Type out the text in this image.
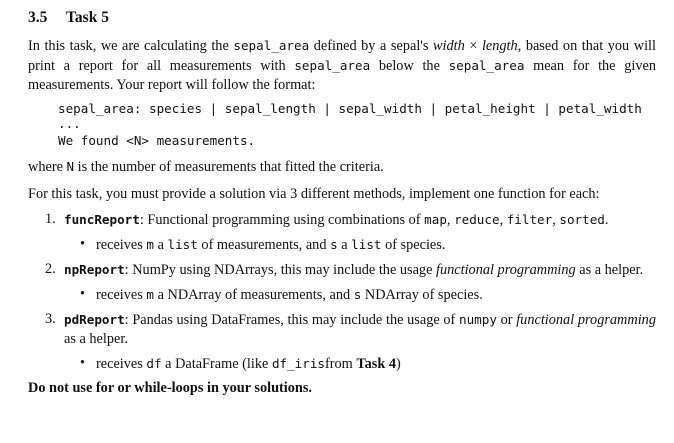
3.5 Task 5

In this task, we are calculating the sepal_area defined by a sepal's width × length, based on that you will print a report for all measurements with sepal_area below the sepal_area mean for the given measurements. Your report will follow the format:

sepal_area: species | sepal_length | sepal_width | petal_height | petal_width
...
We found <N> measurements.

where N is the number of measurements that fitted the criteria.

For this task, you must provide a solution via 3 different methods, implement one function for each:

1. funcReport: Functional programming using combinations of map, reduce, filter, sorted.
• receives m a list of measurements, and s a list of species.
2. npReport: NumPy using NDArrays, this may include the usage functional programming as a helper.
• receives m a NDArray of measurements, and s NDArray of species.
3. pdReport: Pandas using DataFrames, this may include the usage of numpy or functional programming as a helper.
• receives df a DataFrame (like df_irisfrom Task 4)

Do not use for or while-loops in your solutions.
